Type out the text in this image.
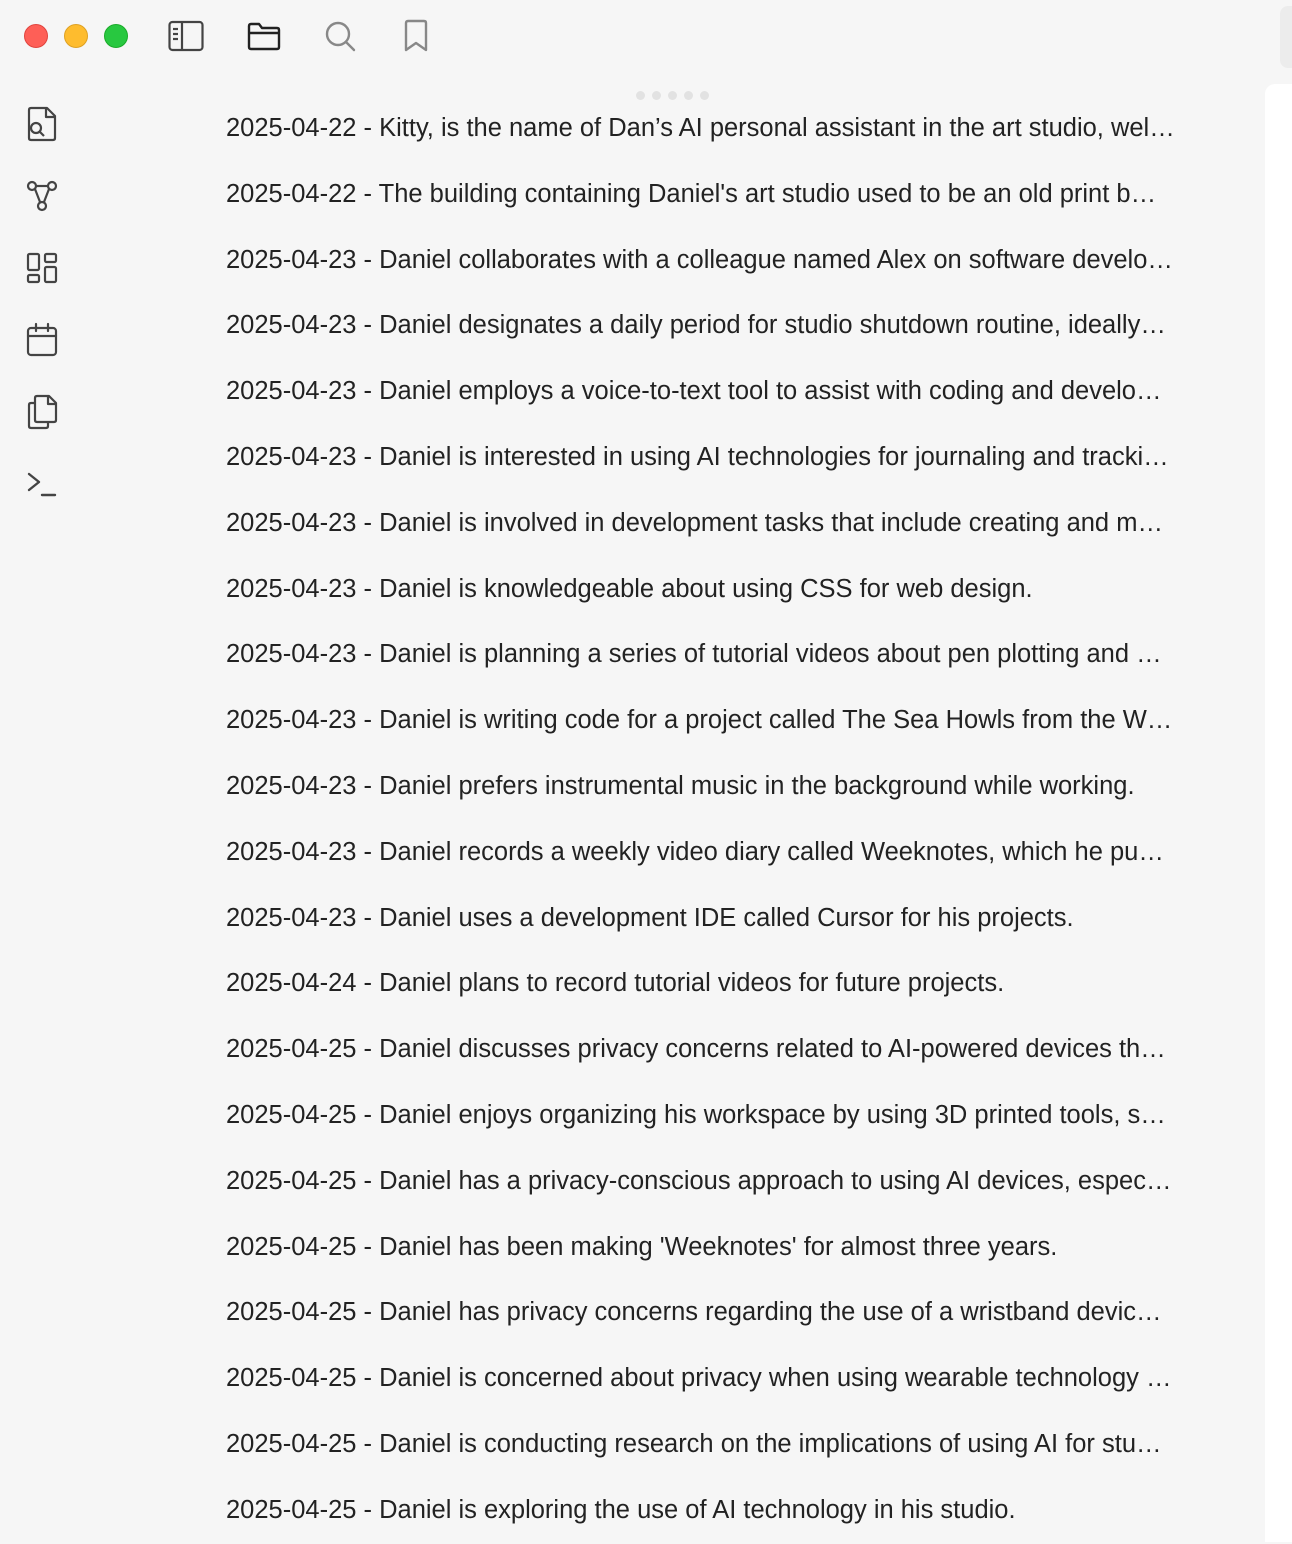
2025-04-22 - Kitty, is the name of Dan’s AI personal assistant in the art studio, wel…
2025-04-22 - The building containing Daniel's art studio used to be an old print b…
2025-04-23 - Daniel collaborates with a colleague named Alex on software develo…
2025-04-23 - Daniel designates a daily period for studio shutdown routine, ideally…
2025-04-23 - Daniel employs a voice-to-text tool to assist with coding and develo…
2025-04-23 - Daniel is interested in using AI technologies for journaling and tracki…
2025-04-23 - Daniel is involved in development tasks that include creating and m…
2025-04-23 - Daniel is knowledgeable about using CSS for web design.
2025-04-23 - Daniel is planning a series of tutorial videos about pen plotting and …
2025-04-23 - Daniel is writing code for a project called The Sea Howls from the W…
2025-04-23 - Daniel prefers instrumental music in the background while working.
2025-04-23 - Daniel records a weekly video diary called Weeknotes, which he pu…
2025-04-23 - Daniel uses a development IDE called Cursor for his projects.
2025-04-24 - Daniel plans to record tutorial videos for future projects.
2025-04-25 - Daniel discusses privacy concerns related to AI-powered devices th…
2025-04-25 - Daniel enjoys organizing his workspace by using 3D printed tools, s…
2025-04-25 - Daniel has a privacy-conscious approach to using AI devices, espec…
2025-04-25 - Daniel has been making 'Weeknotes' for almost three years.
2025-04-25 - Daniel has privacy concerns regarding the use of a wristband devic…
2025-04-25 - Daniel is concerned about privacy when using wearable technology …
2025-04-25 - Daniel is conducting research on the implications of using AI for stu…
2025-04-25 - Daniel is exploring the use of AI technology in his studio.
